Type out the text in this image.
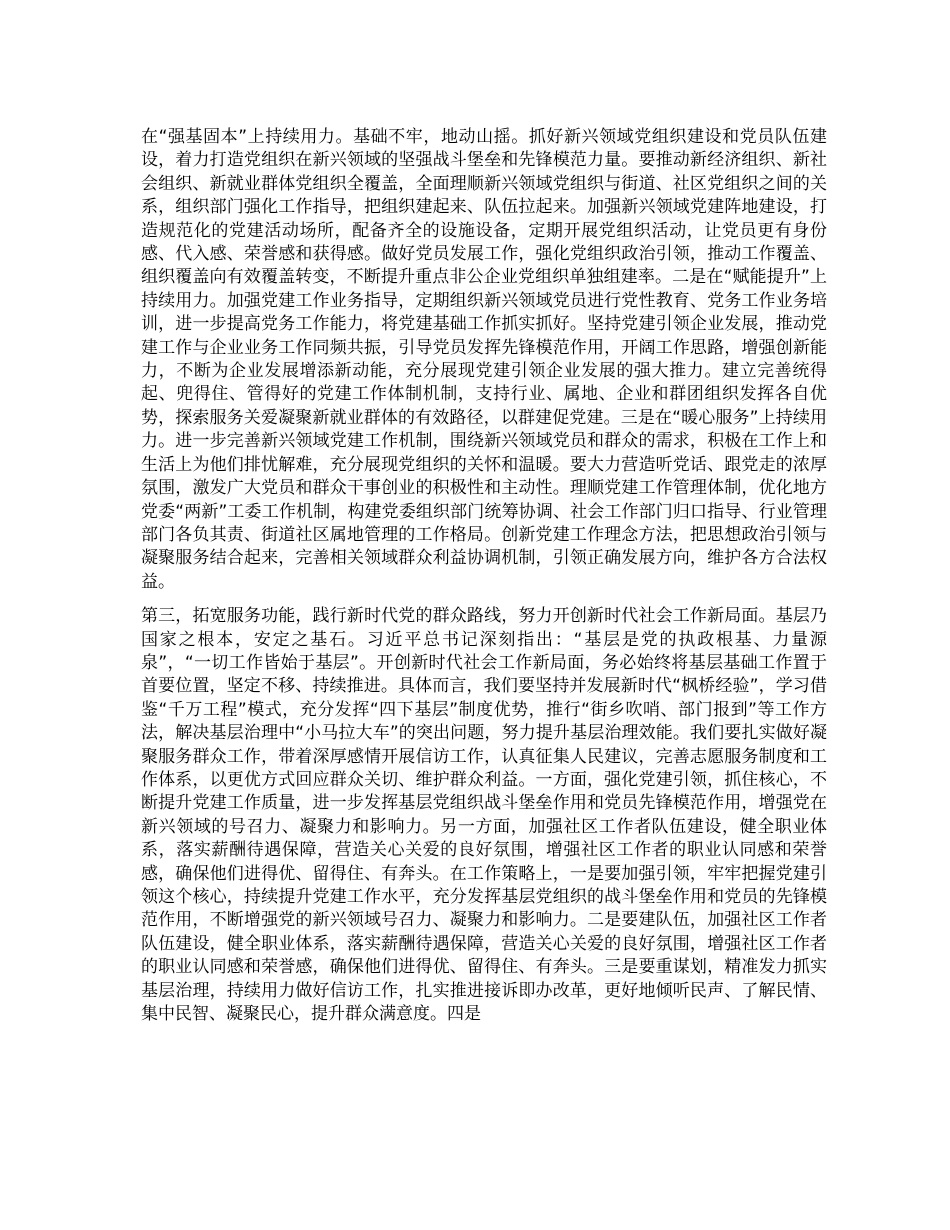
在“强基固本”上持续用力。基础不牢，地动山摇。抓好新兴领域党组织建设和党员队伍建设，着力打造党组织在新兴领域的坚强战斗堡垒和先锋模范力量。要推动新经济组织、新社会组织、新就业群体党组织全覆盖，全面理顺新兴领域党组织与街道、社区党组织之间的关系，组织部门强化工作指导，把组织建起来、队伍拉起来。加强新兴领域党建阵地建设，打造规范化的党建活动场所，配备齐全的设施设备，定期开展党组织活动，让党员更有身份感、代入感、荣誉感和获得感。做好党员发展工作，强化党组织政治引领，推动工作覆盖、组织覆盖向有效覆盖转变，不断提升重点非公企业党组织单独组建率。二是在“赋能提升”上持续用力。加强党建工作业务指导，定期组织新兴领域党员进行党性教育、党务工作业务培训，进一步提高党务工作能力，将党建基础工作抓实抓好。坚持党建引领企业发展，推动党建工作与企业业务工作同频共振，引导党员发挥先锋模范作用，开阔工作思路，增强创新能力，不断为企业发展增添新动能，充分展现党建引领企业发展的强大推力。建立完善统得起、兜得住、管得好的党建工作体制机制，支持行业、属地、企业和群团组织发挥各自优势，探索服务关爱凝聚新就业群体的有效路径，以群建促党建。三是在“暖心服务”上持续用力。进一步完善新兴领域党建工作机制，围绕新兴领域党员和群众的需求，积极在工作上和生活上为他们排忧解难，充分展现党组织的关怀和温暖。要大力营造听党话、跟党走的浓厚氛围，激发广大党员和群众干事创业的积极性和主动性。理顺党建工作管理体制，优化地方党委“两新”工委工作机制，构建党委组织部门统筹协调、社会工作部门归口指导、行业管理部门各负其责、街道社区属地管理的工作格局。创新党建工作理念方法，把思想政治引领与凝聚服务结合起来，完善相关领域群众利益协调机制，引领正确发展方向，维护各方合法权益。

第三，拓宽服务功能，践行新时代党的群众路线，努力开创新时代社会工作新局面。基层乃国家之根本，安定之基石。习近平总书记深刻指出：“基层是党的执政根基、力量源泉”，“一切工作皆始于基层”。开创新时代社会工作新局面，务必始终将基层基础工作置于首要位置，坚定不移、持续推进。具体而言，我们要坚持并发展新时代“枫桥经验”，学习借鉴“千万工程”模式，充分发挥“四下基层”制度优势，推行“街乡吹哨、部门报到”等工作方法，解决基层治理中“小马拉大车”的突出问题，努力提升基层治理效能。我们要扎实做好凝聚服务群众工作，带着深厚感情开展信访工作，认真征集人民建议，完善志愿服务制度和工作体系，以更优方式回应群众关切、维护群众利益。一方面，强化党建引领，抓住核心，不断提升党建工作质量，进一步发挥基层党组织战斗堡垒作用和党员先锋模范作用，增强党在新兴领域的号召力、凝聚力和影响力。另一方面，加强社区工作者队伍建设，健全职业体系，落实薪酬待遇保障，营造关心关爱的良好氛围，增强社区工作者的职业认同感和荣誉感，确保他们进得优、留得住、有奔头。在工作策略上，一是要加强引领，牢牢把握党建引领这个核心，持续提升党建工作水平，充分发挥基层党组织的战斗堡垒作用和党员的先锋模范作用，不断增强党的新兴领域号召力、凝聚力和影响力。二是要建队伍，加强社区工作者队伍建设，健全职业体系，落实薪酬待遇保障，营造关心关爱的良好氛围，增强社区工作者的职业认同感和荣誉感，确保他们进得优、留得住、有奔头。三是要重谋划，精准发力抓实基层治理，持续用力做好信访工作，扎实推进接诉即办改革，更好地倾听民声、了解民情、集中民智、凝聚民心，提升群众满意度。四是
